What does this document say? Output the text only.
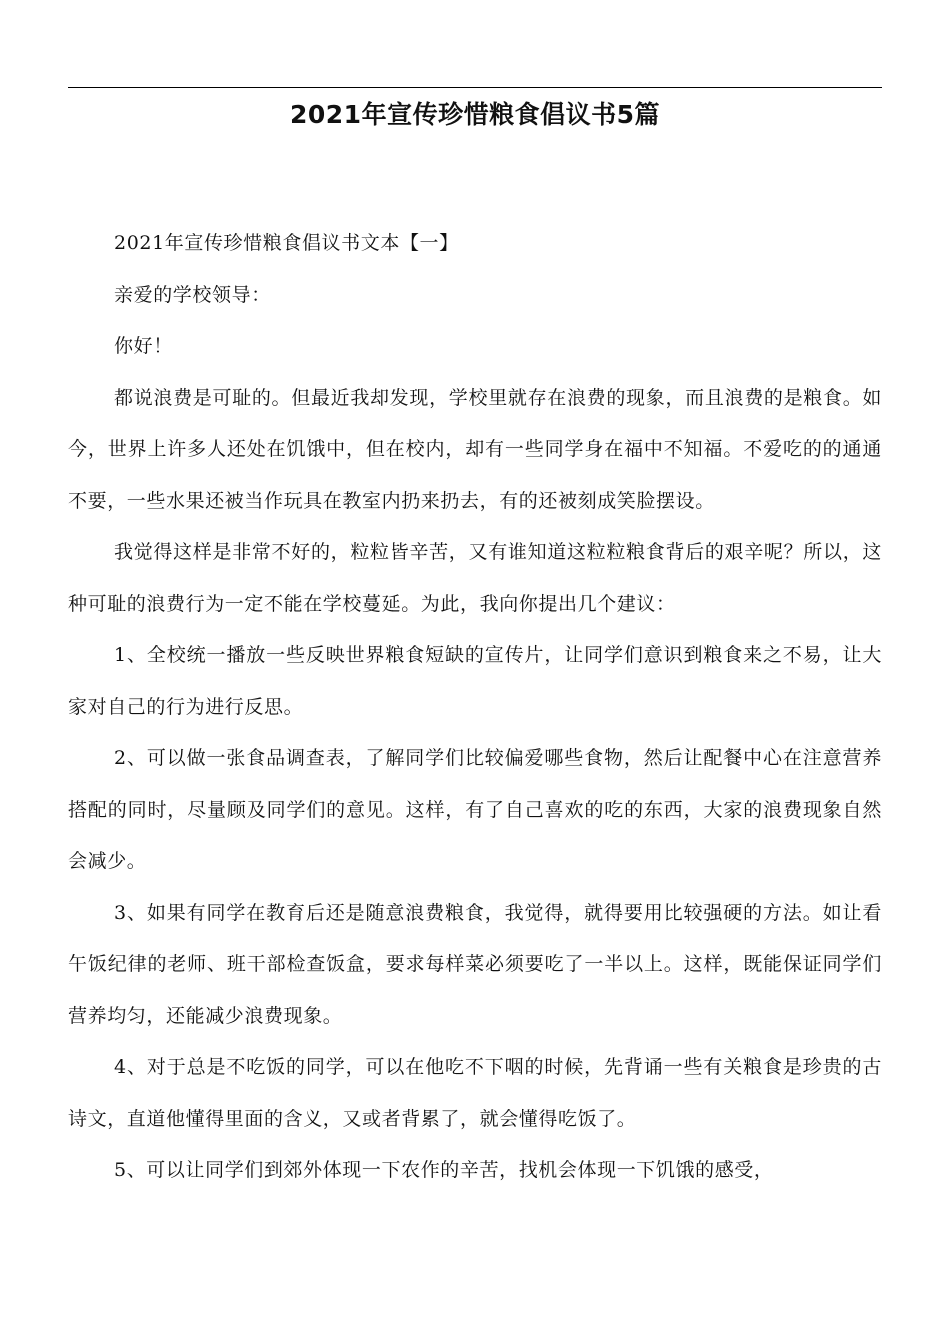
2021年宣传珍惜粮食倡议书5篇

2021年宣传珍惜粮食倡议书文本【一】

亲爱的学校领导：

你好！

都说浪费是可耻的。但最近我却发现，学校里就存在浪费的现象，而且浪费的是粮食。如今，世界上许多人还处在饥饿中，但在校内，却有一些同学身在福中不知福。不爱吃的的通通不要，一些水果还被当作玩具在教室内扔来扔去，有的还被刻成笑脸摆设。

我觉得这样是非常不好的，粒粒皆辛苦，又有谁知道这粒粒粮食背后的艰辛呢？所以，这种可耻的浪费行为一定不能在学校蔓延。为此，我向你提出几个建议：

1、全校统一播放一些反映世界粮食短缺的宣传片，让同学们意识到粮食来之不易，让大家对自己的行为进行反思。

2、可以做一张食品调查表，了解同学们比较偏爱哪些食物，然后让配餐中心在注意营养搭配的同时，尽量顾及同学们的意见。这样，有了自己喜欢的吃的东西，大家的浪费现象自然会减少。

3、如果有同学在教育后还是随意浪费粮食，我觉得，就得要用比较强硬的方法。如让看午饭纪律的老师、班干部检查饭盒，要求每样菜必须要吃了一半以上。这样，既能保证同学们营养均匀，还能减少浪费现象。

4、对于总是不吃饭的同学，可以在他吃不下咽的时候，先背诵一些有关粮食是珍贵的古诗文，直道他懂得里面的含义，又或者背累了，就会懂得吃饭了。

5、可以让同学们到郊外体现一下农作的辛苦，找机会体现一下饥饿的感受，
